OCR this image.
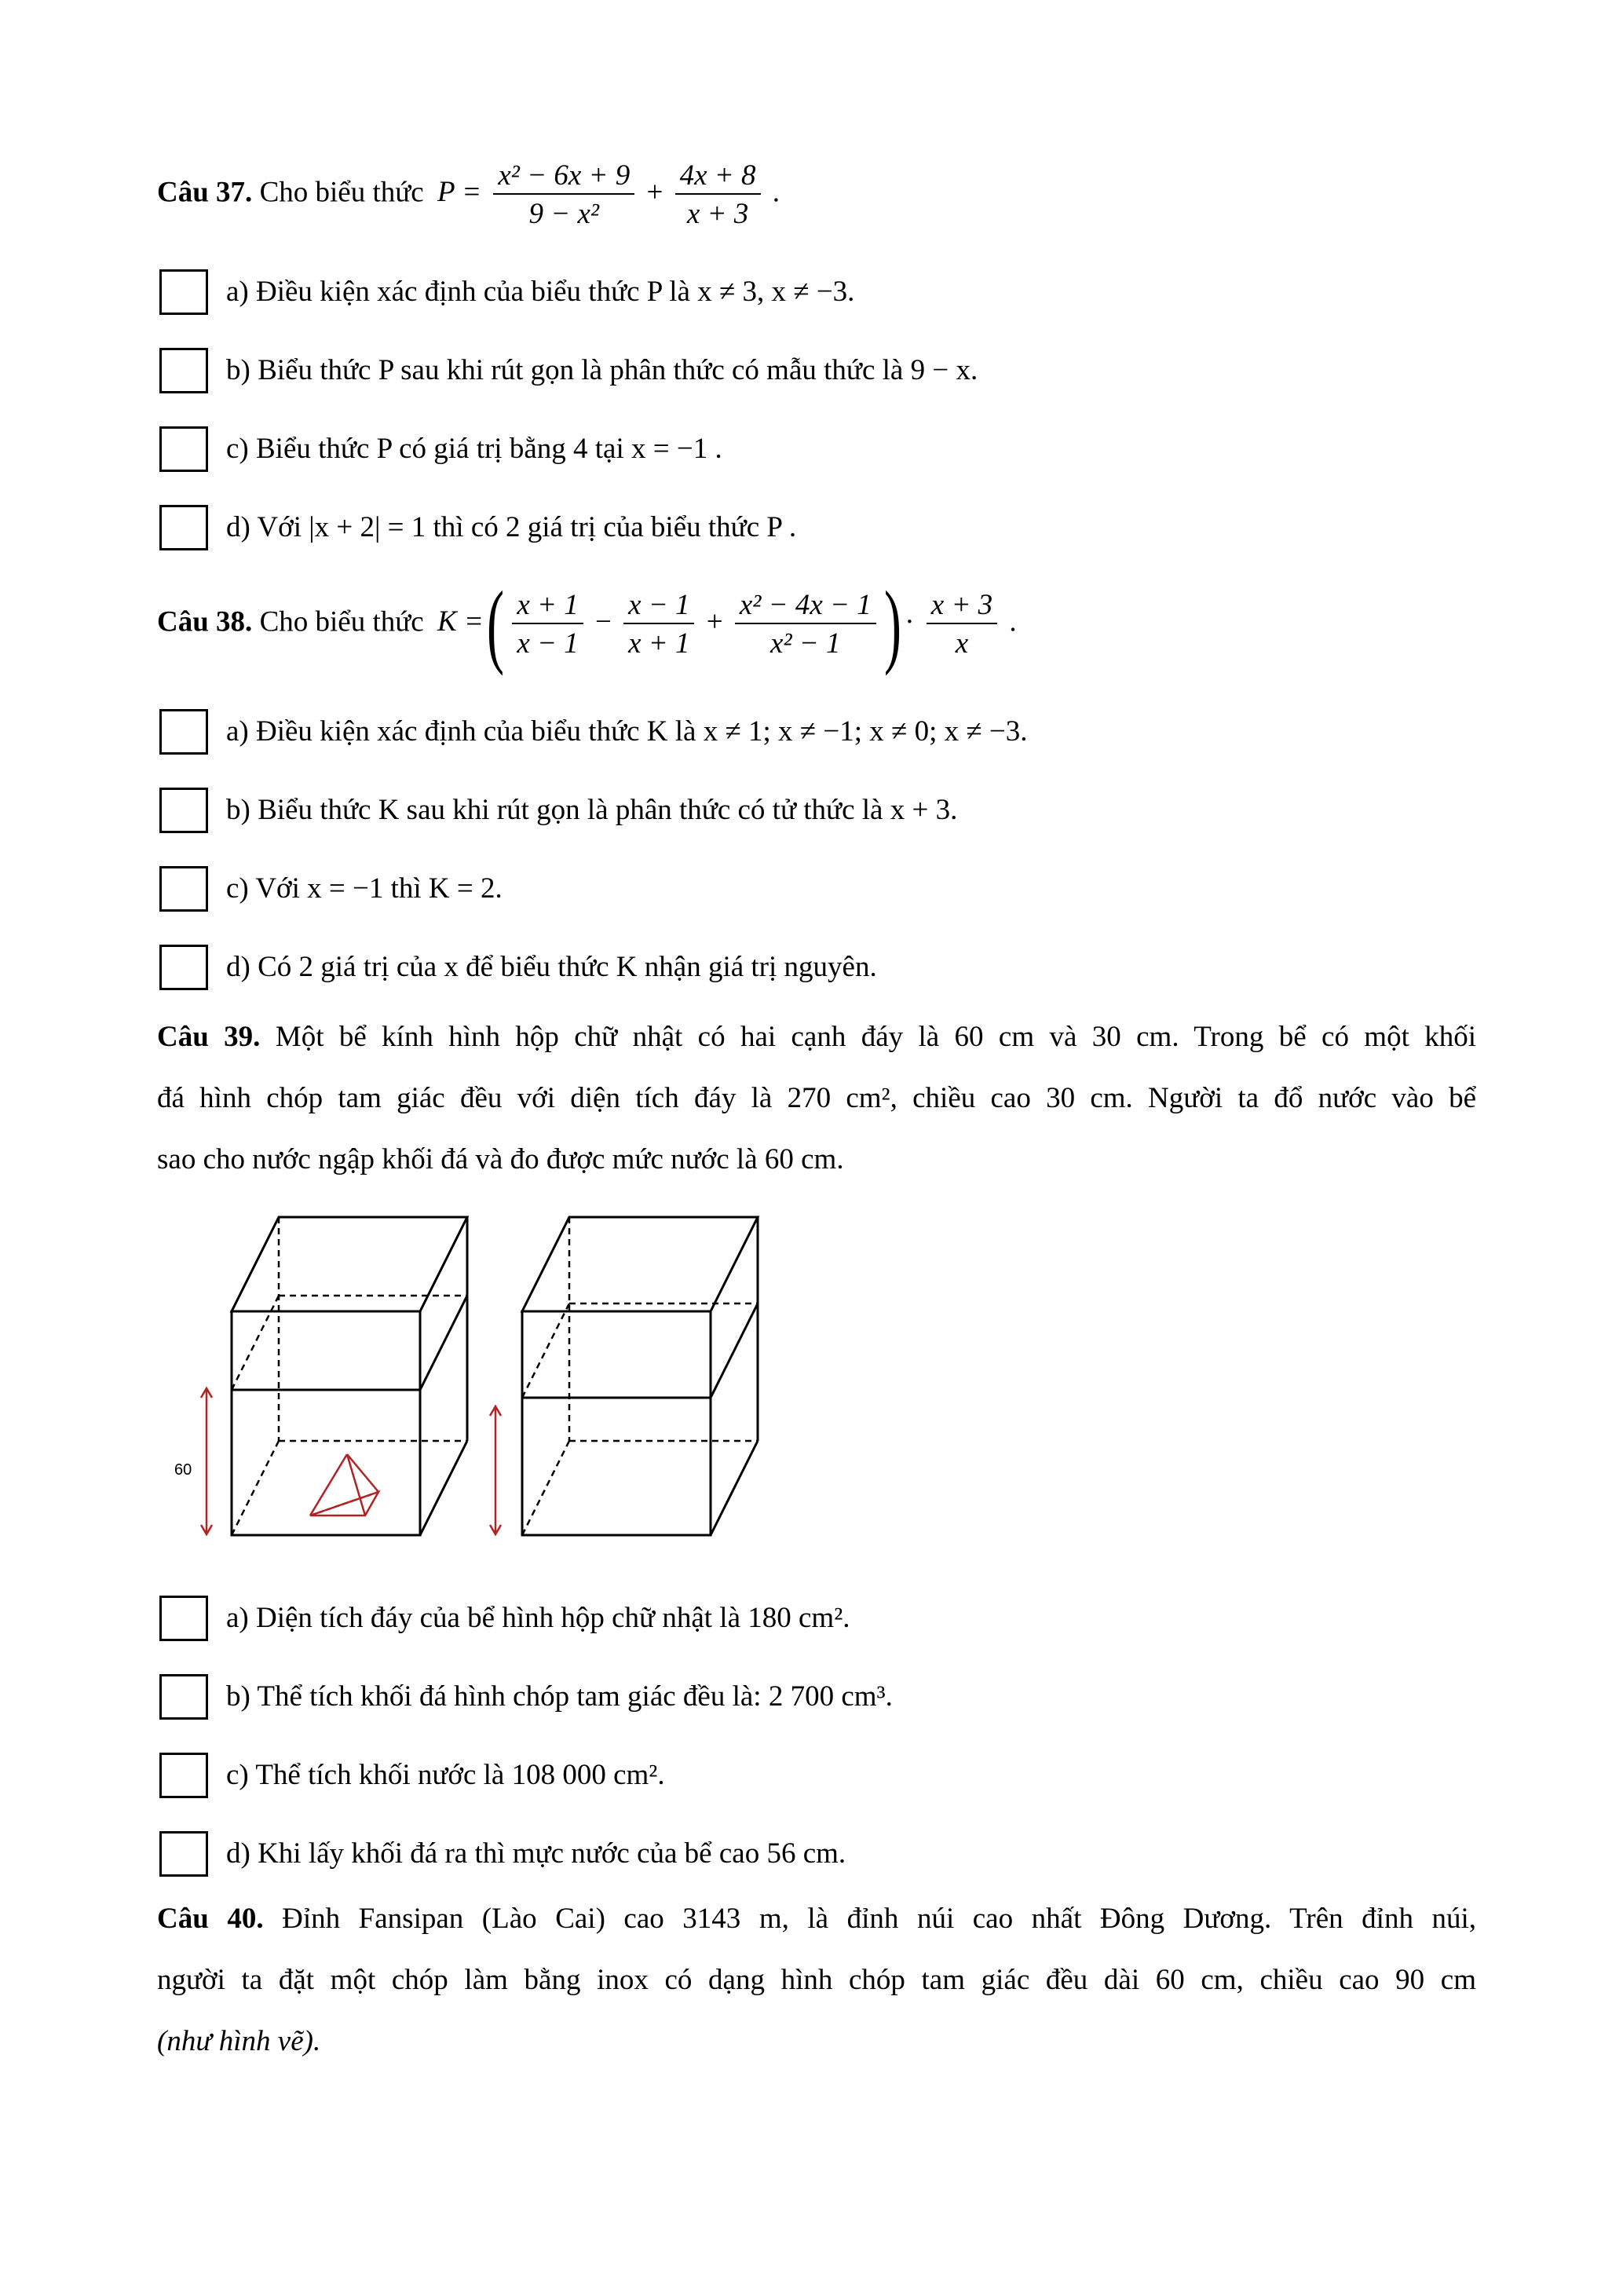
Câu 37. Cho biểu thức $P = \frac{\text{x² − 6x + 9}}{\text{9 − x²}} + \frac{4x + 8}{x + 3}$ .
a) Điều kiện xác định của biểu thức P là x ≠ 3, x ≠ −3.
b) Biểu thức P sau khi rút gọn là phân thức có mẫu thức là 9 − x.
c) Biểu thức P có giá trị bằng 4 tại x = −1 .
d) Với |x + 2| = 1 thì có 2 giá trị của biểu thức P .
Câu 38. Cho biểu thức K = ( $\frac{x + 1}{x - 1} - \frac{x - 1}{x + 1} + \frac{\text{x² − 4x − 1}}{\text{x² − 1}}$ ) · $\frac{x + 3}{x}$ .
a) Điều kiện xác định của biểu thức K là x ≠ 1; x ≠ −1; x ≠ 0; x ≠ −3.
b) Biểu thức K sau khi rút gọn là phân thức có tử thức là x + 3.
c) Với x = −1 thì K = 2.
d) Có 2 giá trị của x để biểu thức K nhận giá trị nguyên.
Câu 39. Một bể kính hình hộp chữ nhật có hai cạnh đáy là 60 cm và 30 cm. Trong bể có một khối
đá hình chóp tam giác đều với diện tích đáy là 270 cm², chiều cao 30 cm. Người ta đổ nước vào bể
sao cho nước ngập khối đá và đo được mức nước là 60 cm.
60
a) Diện tích đáy của bể hình hộp chữ nhật là 180 cm².
b) Thể tích khối đá hình chóp tam giác đều là: 2 700 cm³.
c) Thể tích khối nước là 108 000 cm².
d) Khi lấy khối đá ra thì mực nước của bể cao 56 cm.
Câu 40. Đỉnh Fansipan (Lào Cai) cao 3143 m, là đỉnh núi cao nhất Đông Dương. Trên đỉnh núi,
người ta đặt một chóp làm bằng inox có dạng hình chóp tam giác đều dài 60 cm, chiều cao 90 cm
(như hình vẽ).
